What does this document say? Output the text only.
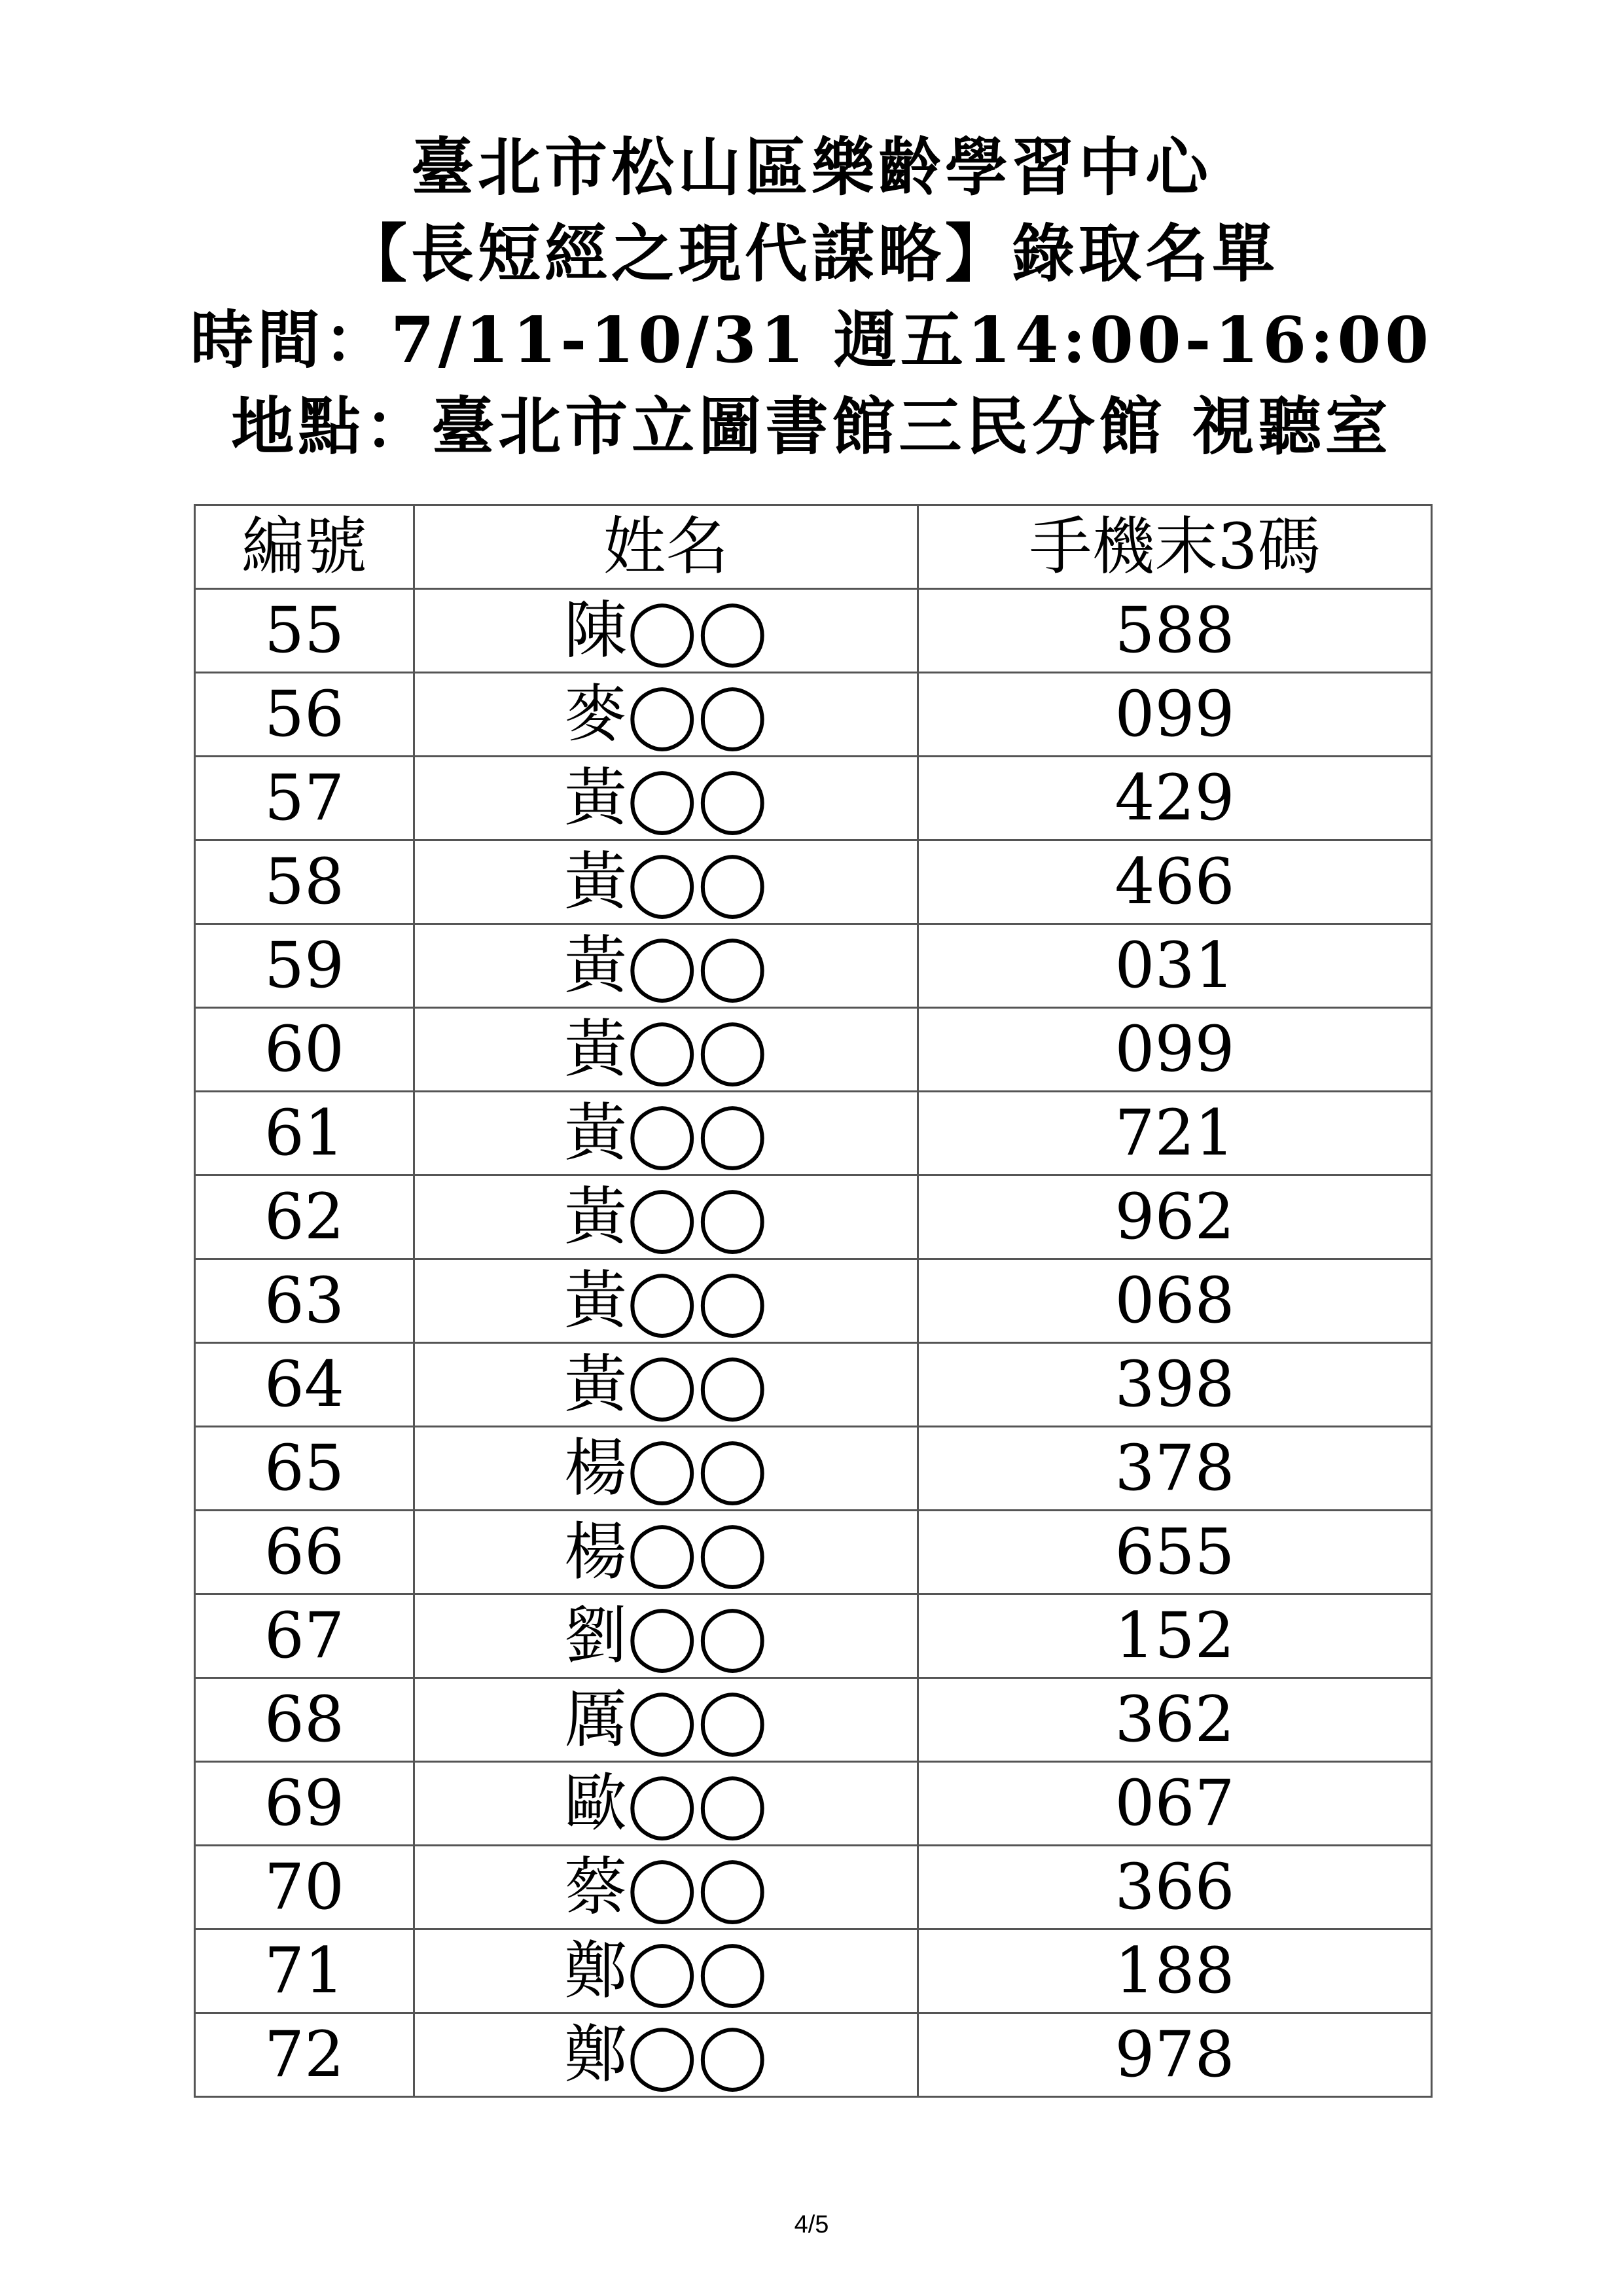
臺北市松山區樂齡學習中心
【長短經之現代謀略】錄取名單
時間：7/11-10/31 週五14:00-16:00
地點：臺北市立圖書館三民分館 視聽室
編號	姓名	手機末3碼
55	陳◯◯	588
56	麥◯◯	099
57	黃◯◯	429
58	黃◯◯	466
59	黃◯◯	031
60	黃◯◯	099
61	黃◯◯	721
62	黃◯◯	962
63	黃◯◯	068
64	黃◯◯	398
65	楊◯◯	378
66	楊◯◯	655
67	劉◯◯	152
68	厲◯◯	362
69	歐◯◯	067
70	蔡◯◯	366
71	鄭◯◯	188
72	鄭◯◯	978
4/5
